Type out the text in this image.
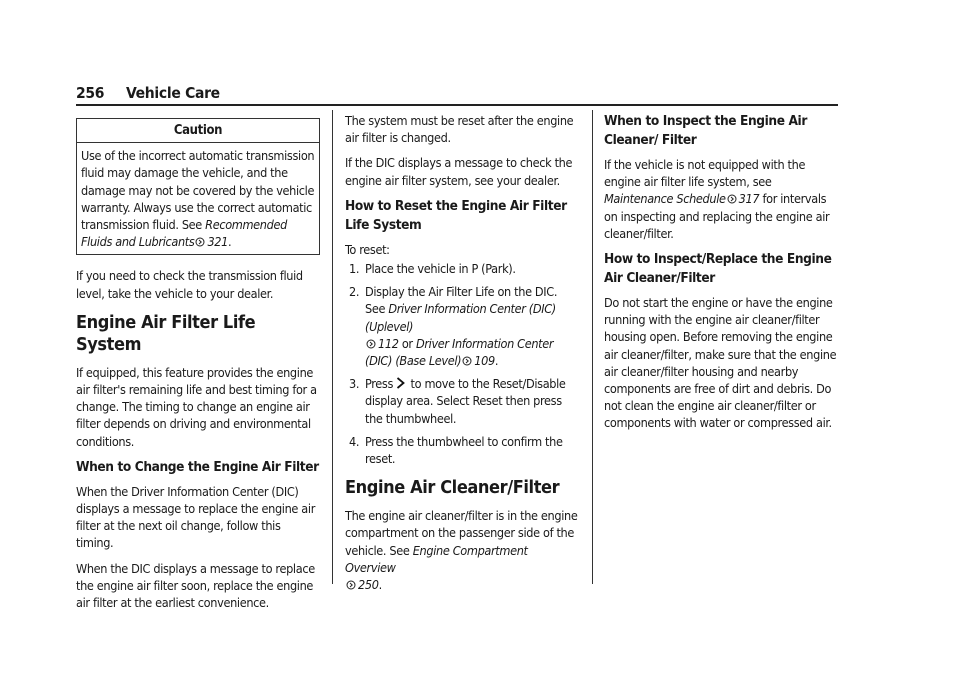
256 Vehicle Care
Caution
Use of the incorrect automatic transmission fluid may damage the vehicle, and the damage may not be covered by the vehicle warranty. Always use the correct automatic transmission fluid. See Recommended Fluids and Lubricants 321.

If you need to check the transmission fluid level, take the vehicle to your dealer.

Engine Air Filter Life System

If equipped, this feature provides the engine air filter's remaining life and best timing for a change. The timing to change an engine air filter depends on driving and environmental conditions.

When to Change the Engine Air Filter

When the Driver Information Center (DIC) displays a message to replace the engine air filter at the next oil change, follow this timing.

When the DIC displays a message to replace the engine air filter soon, replace the engine air filter at the earliest convenience.

The system must be reset after the engine air filter is changed.

If the DIC displays a message to check the engine air filter system, see your dealer.

How to Reset the Engine Air Filter Life System

To reset:

1. Place the vehicle in P (Park).
2. Display the Air Filter Life on the DIC. See Driver Information Center (DIC) (Uplevel)
112 or Driver Information Center (DIC) (Base Level) 109.
3. Press  to move to the Reset/Disable display area. Select Reset then press the thumbwheel.
4. Press the thumbwheel to confirm the reset.
Engine Air Cleaner/Filter

The engine air cleaner/filter is in the engine compartment on the passenger side of the vehicle. See Engine Compartment Overview
250.

When to Inspect the Engine Air Cleaner/ Filter

If the vehicle is not equipped with the engine air filter life system, see Maintenance Schedule 317 for intervals on inspecting and replacing the engine air cleaner/filter.

How to Inspect/Replace the Engine Air Cleaner/Filter

Do not start the engine or have the engine running with the engine air cleaner/filter housing open. Before removing the engine air cleaner/filter, make sure that the engine air cleaner/filter housing and nearby components are free of dirt and debris. Do not clean the engine air cleaner/filter or components with water or compressed air.
